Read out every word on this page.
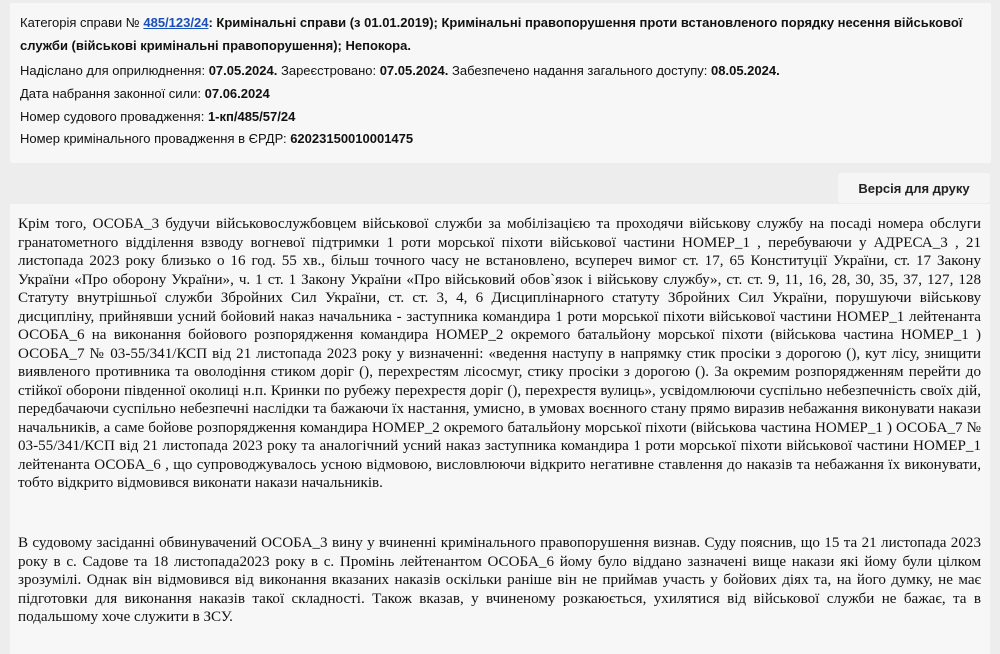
Категорія справи № 485/123/24: Кримінальні справи (з 01.01.2019); Кримінальні правопорушення проти встановленого порядку несення військової
служби (військові кримінальні правопорушення); Непокора.
Надіслано для оприлюднення: 07.05.2024. Зареєстровано: 07.05.2024. Забезпечено надання загального доступу: 08.05.2024.
Дата набрання законної сили: 07.06.2024
Номер судового провадження: 1-кп/485/57/24
Номер кримінального провадження в ЄРДР: 62023150010001475
Версія для друку

Крім того, ОСОБА_3 будучи військовослужбовцем військової служби за мобілізацією та проходячи військову службу на посаді номера обслуги гранатометного відділення взводу вогневої підтримки 1 роти морської піхоти військової частини НОМЕР_1 , перебуваючи у АДРЕСА_3 , 21 листопада 2023 року близько о 16 год. 55 хв., більш точного часу не встановлено, всупереч вимог ст. 17, 65 Конституції України, ст. 17 Закону України «Про оборону України», ч. 1 ст. 1 Закону України «Про військовий обов`язок і військову службу», ст. ст. 9, 11, 16, 28, 30, 35, 37, 127, 128 Статуту внутрішньої служби Збройних Сил України, ст. ст. 3, 4, 6 Дисциплінарного статуту Збройних Сил України, порушуючи військову дисципліну, прийнявши усний бойовий наказ начальника - заступника командира 1 роти морської піхоти військової частини НОМЕР_1 лейтенанта ОСОБА_6 на виконання бойового розпорядження командира НОМЕР_2 окремого батальйону морської піхоти (військова частина НОМЕР_1 ) ОСОБА_7 № 03-55/341/КСП від 21 листопада 2023 року у визначенні: «ведення наступу в напрямку стик просіки з дорогою (), кут лісу, знищити виявленого противника та оволодіння стиком доріг (), перехрестям лісосмуг, стику просіки з дорогою (). За окремим розпорядженням перейти до стійкої оборони південної околиці н.п. Кринки по рубежу перехрестя доріг (), перехрестя вулиць», усвідомлюючи суспільно небезпечність своїх дій, передбачаючи суспільно небезпечні наслідки та бажаючи їх настання, умисно, в умовах воєнного стану прямо виразив небажання виконувати накази начальників, а саме бойове розпорядження командира НОМЕР_2 окремого батальйону морської піхоти (військова частина НОМЕР_1 ) ОСОБА_7 № 03-55/341/КСП від 21 листопада 2023 року та аналогічний усний наказ заступника командира 1 роти морської піхоти військової частини НОМЕР_1 лейтенанта ОСОБА_6 , що супроводжувалось усною відмовою, висловлюючи відкрито негативне ставлення до наказів та небажання їх виконувати, тобто відкрито відмовився виконати накази начальників.

В судовому засіданні обвинувачений ОСОБА_3 вину у вчиненні кримінального правопорушення визнав. Суду пояснив, що 15 та 21 листопада 2023 року в с. Садове та 18 листопада2023 року в с. Промінь лейтенантом ОСОБА_6 йому було віддано зазначені вище накази які йому були цілком зрозумілі. Однак він відмовився від виконання вказаних наказів оскільки раніше він не приймав участь у бойових діях та, на його думку, не має підготовки для виконання наказів такої складності. Також вказав, у вчиненому розкаюється, ухилятися від військової служби не бажає, та в подальшому хоче служити в ЗСУ.
